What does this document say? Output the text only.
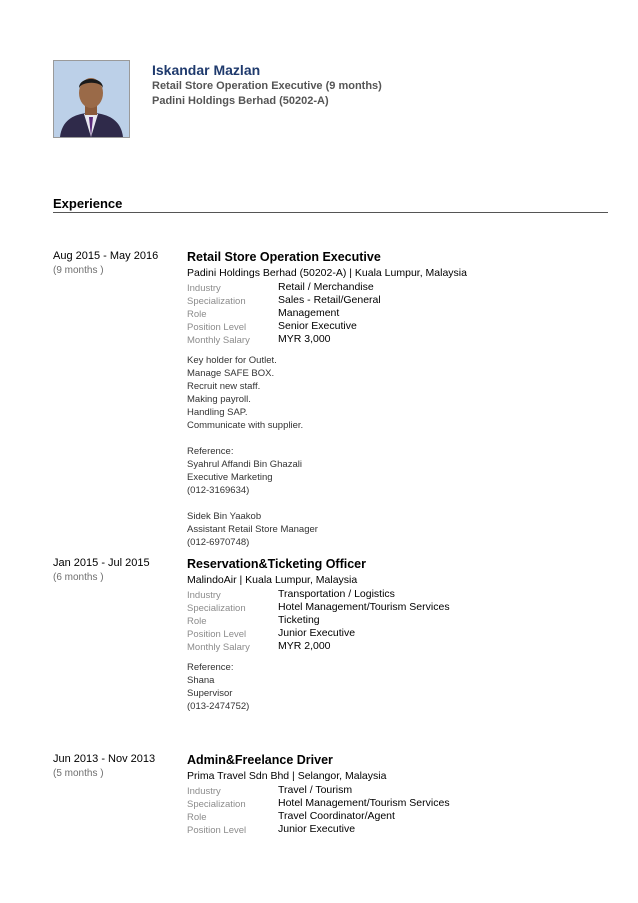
Iskandar Mazlan
Retail Store Operation Executive (9 months)
Padini Holdings Berhad (50202-A)
Experience
Aug 2015 - May 2016
(9 months )
Retail Store Operation Executive
Padini Holdings Berhad (50202-A) | Kuala Lumpur, Malaysia
Industry	Retail / Merchandise
Specialization	Sales - Retail/General
Role	Management
Position Level	Senior Executive
Monthly Salary	MYR 3,000
Key holder for Outlet.
Manage SAFE BOX.
Recruit new staff.
Making payroll.
Handling SAP.
Communicate with supplier.
Reference:
Syahrul Affandi Bin Ghazali
Executive Marketing
(012-3169634)
Sidek Bin Yaakob
Assistant Retail Store Manager
(012-6970748)
Jan 2015 - Jul 2015
(6 months )
Reservation&Ticketing Officer
MalindoAir | Kuala Lumpur, Malaysia
Industry	Transportation / Logistics
Specialization	Hotel Management/Tourism Services
Role	Ticketing
Position Level	Junior Executive
Monthly Salary	MYR 2,000
Reference:
Shana
Supervisor
(013-2474752)
Jun 2013 - Nov 2013
(5 months )
Admin&Freelance Driver
Prima Travel Sdn Bhd | Selangor, Malaysia
Industry	Travel / Tourism
Specialization	Hotel Management/Tourism Services
Role	Travel Coordinator/Agent
Position Level	Junior Executive
